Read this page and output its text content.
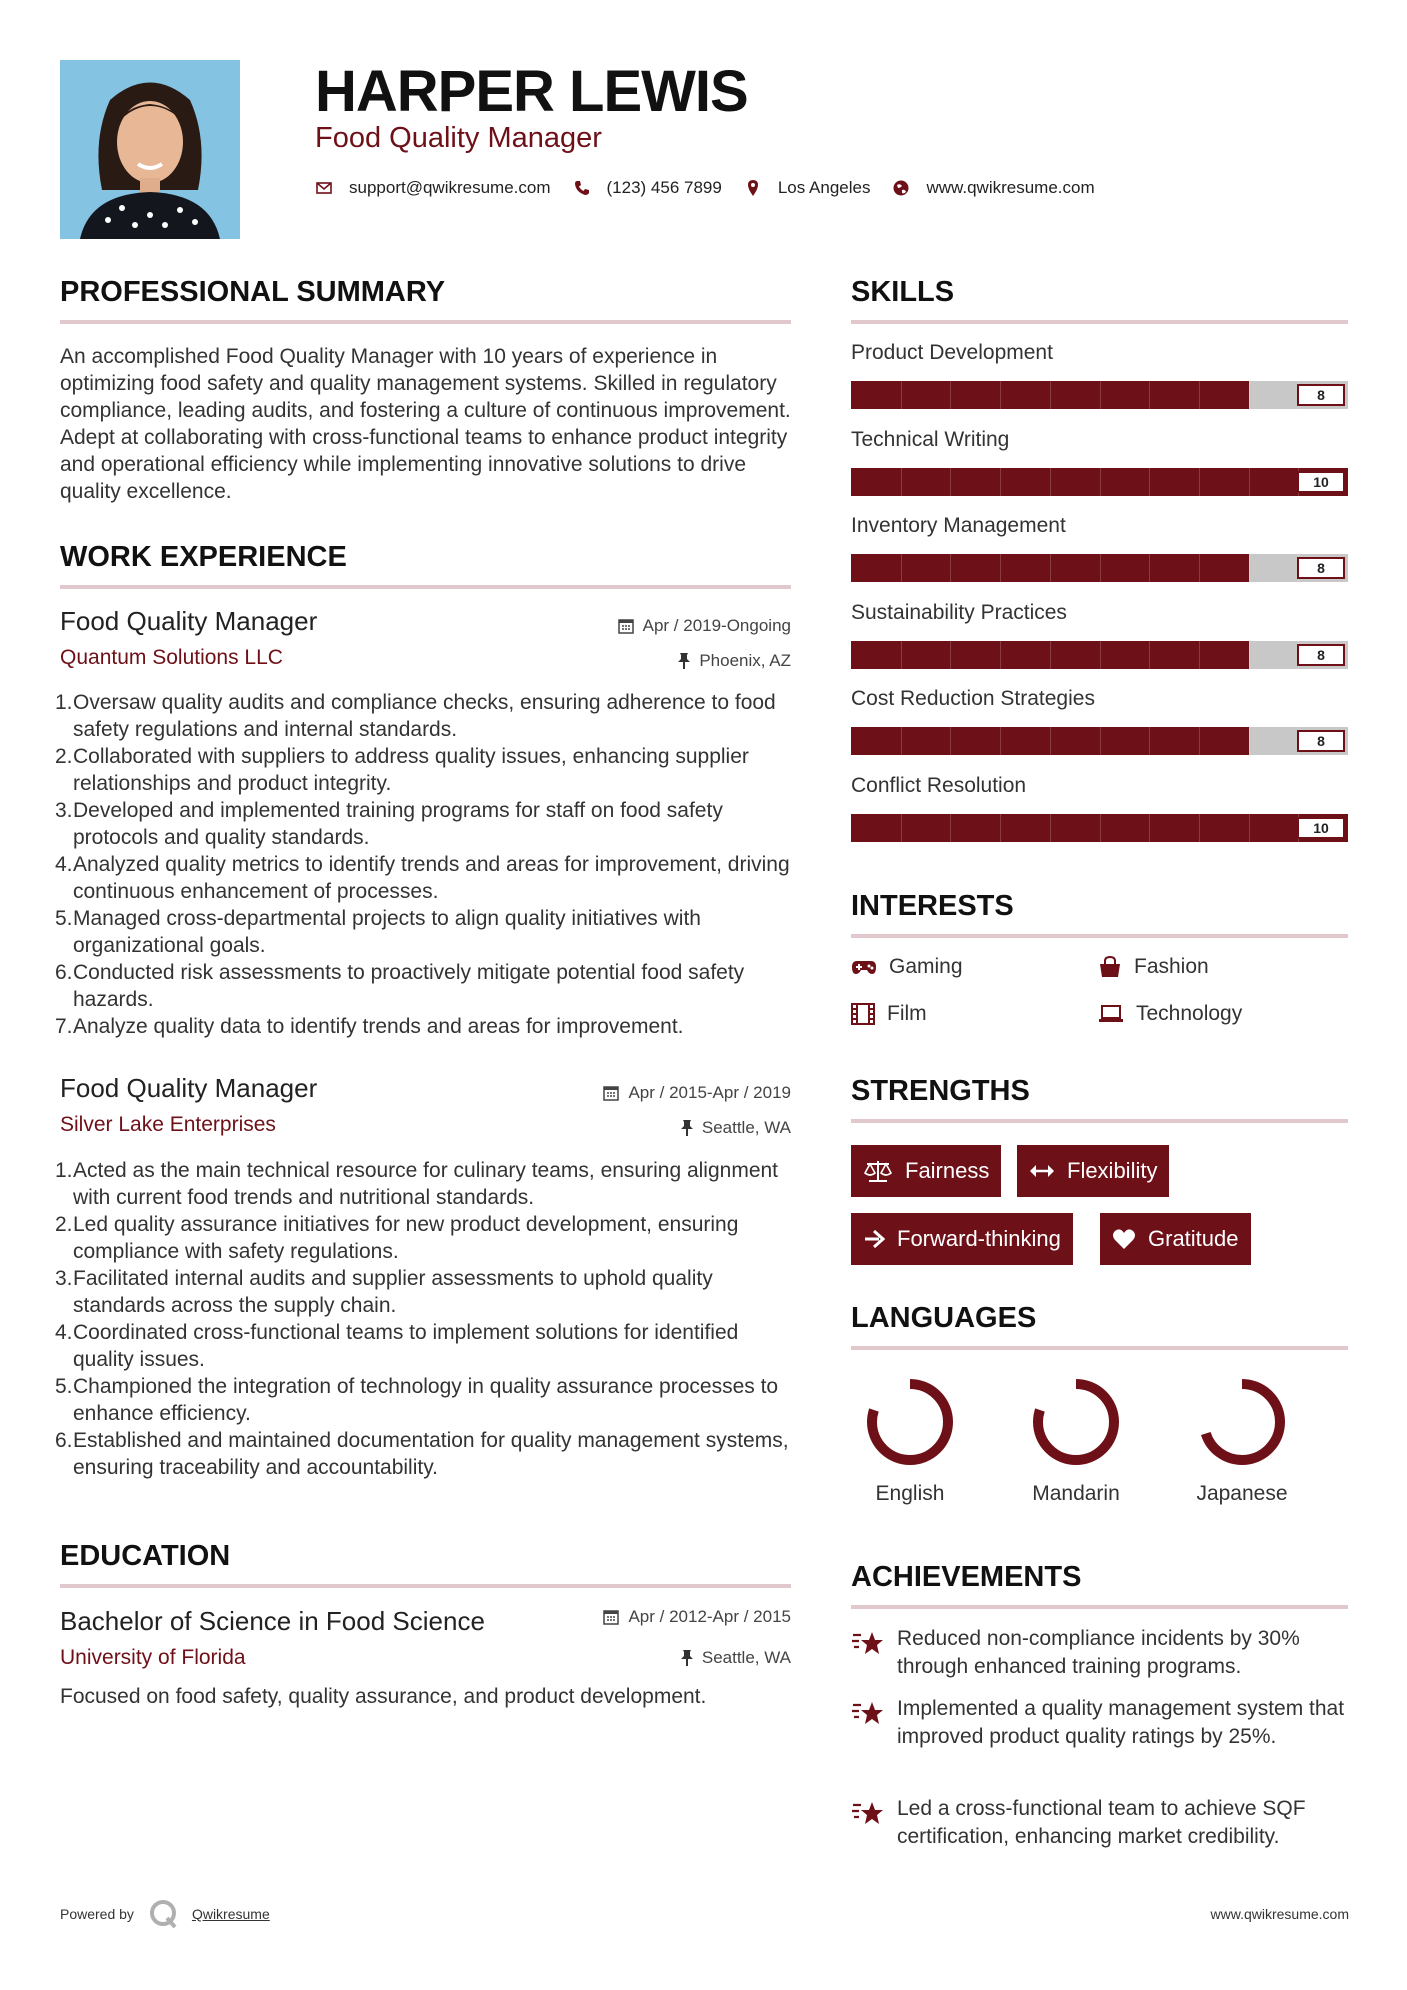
HARPER LEWIS
Food Quality Manager
support@qwikresume.com	(123) 456 7899	Los Angeles	www.qwikresume.com
PROFESSIONAL SUMMARY
An accomplished Food Quality Manager with 10 years of experience in optimizing food safety and quality management systems. Skilled in regulatory compliance, leading audits, and fostering a culture of continuous improvement. Adept at collaborating with cross-functional teams to enhance product integrity and operational efficiency while implementing innovative solutions to drive quality excellence.
WORK EXPERIENCE
Food Quality Manager
Quantum Solutions LLC
Apr / 2019-Ongoing
Phoenix, AZ
1. Oversaw quality audits and compliance checks, ensuring adherence to food safety regulations and internal standards.
2. Collaborated with suppliers to address quality issues, enhancing supplier relationships and product integrity.
3. Developed and implemented training programs for staff on food safety protocols and quality standards.
4. Analyzed quality metrics to identify trends and areas for improvement, driving continuous enhancement of processes.
5. Managed cross-departmental projects to align quality initiatives with organizational goals.
6. Conducted risk assessments to proactively mitigate potential food safety hazards.
7. Analyze quality data to identify trends and areas for improvement.
Food Quality Manager
Silver Lake Enterprises
Apr / 2015-Apr / 2019
Seattle, WA
1. Acted as the main technical resource for culinary teams, ensuring alignment with current food trends and nutritional standards.
2. Led quality assurance initiatives for new product development, ensuring compliance with safety regulations.
3. Facilitated internal audits and supplier assessments to uphold quality standards across the supply chain.
4. Coordinated cross-functional teams to implement solutions for identified quality issues.
5. Championed the integration of technology in quality assurance processes to enhance efficiency.
6. Established and maintained documentation for quality management systems, ensuring traceability and accountability.
EDUCATION
Bachelor of Science in Food Science
University of Florida
Apr / 2012-Apr / 2015
Seattle, WA
Focused on food safety, quality assurance, and product development.
SKILLS
Product Development
8
Technical Writing
10
Inventory Management
8
Sustainability Practices
8
Cost Reduction Strategies
8
Conflict Resolution
10
INTERESTS
Gaming	Fashion
Film	Technology
STRENGTHS
Fairness	Flexibility
Forward-thinking	Gratitude
LANGUAGES
English	Mandarin	Japanese
ACHIEVEMENTS
Reduced non-compliance incidents by 30% through enhanced training programs.
Implemented a quality management system that improved product quality ratings by 25%.
Led a cross-functional team to achieve SQF certification, enhancing market credibility.
Powered by	Qwikresume	www.qwikresume.com
